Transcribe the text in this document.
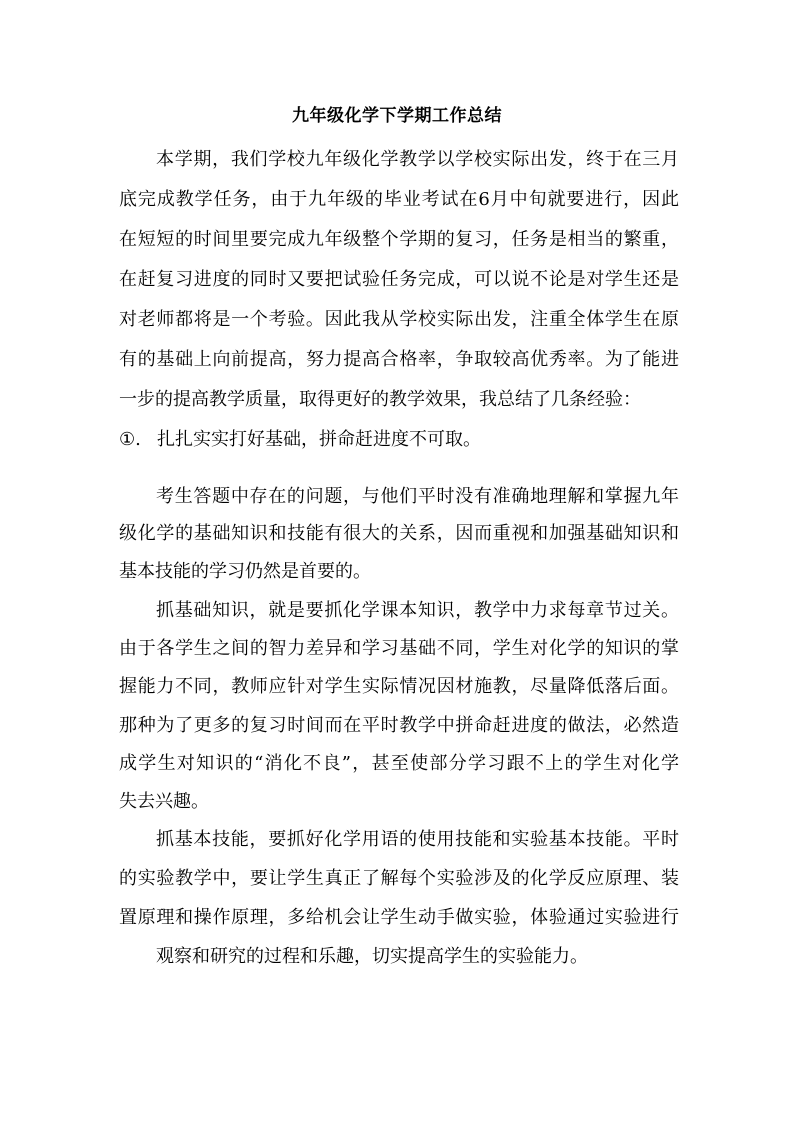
九年级化学下学期工作总结
本学期，我们学校九年级化学教学以学校实际出发，终于在三月
底完成教学任务，由于九年级的毕业考试在6月中旬就要进行，因此
在短短的时间里要完成九年级整个学期的复习，任务是相当的繁重，
在赶复习进度的同时又要把试验任务完成，可以说不论是对学生还是
对老师都将是一个考验。因此我从学校实际出发，注重全体学生在原
有的基础上向前提高，努力提高合格率，争取较高优秀率。为了能进
一步的提高教学质量，取得更好的教学效果，我总结了几条经验：
①. 扎扎实实打好基础，拼命赶进度不可取。
考生答题中存在的问题，与他们平时没有准确地理解和掌握九年
级化学的基础知识和技能有很大的关系，因而重视和加强基础知识和
基本技能的学习仍然是首要的。
抓基础知识，就是要抓化学课本知识，教学中力求每章节过关。
由于各学生之间的智力差异和学习基础不同，学生对化学的知识的掌
握能力不同，教师应针对学生实际情况因材施教，尽量降低落后面。
那种为了更多的复习时间而在平时教学中拼命赶进度的做法，必然造
成学生对知识的“消化不良”，甚至使部分学习跟不上的学生对化学
失去兴趣。
抓基本技能，要抓好化学用语的使用技能和实验基本技能。平时
的实验教学中，要让学生真正了解每个实验涉及的化学反应原理、装
置原理和操作原理，多给机会让学生动手做实验，体验通过实验进行
观察和研究的过程和乐趣，切实提高学生的实验能力。
